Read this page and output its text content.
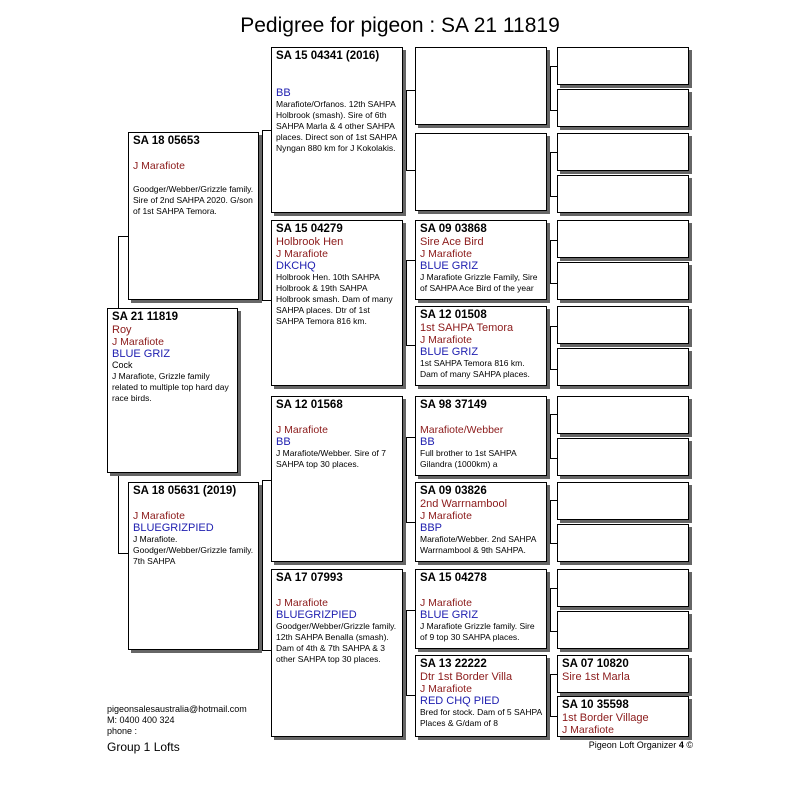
Pedigree for pigeon : SA 21 11819
SA 21 11819
Roy
J Marafiote
BLUE GRIZ
Cock
J Marafiote, Grizzle family related to multiple top hard day race birds.
SA 18 05653
J Marafiote
Goodger/Webber/Grizzle family. Sire of 2nd SAHPA 2020. G/son of 1st SAHPA Temora.
SA 18 05631 (2019)
J Marafiote
BLUEGRIZPIED
J Marafiote. Goodger/Webber/Grizzle family. 7th SAHPA
SA 15 04341 (2016)
BB
Marafiote/Orfanos. 12th SAHPA Holbrook (smash). Sire of 6th SAHPA Marla & 4 other SAHPA places. Direct son of 1st SAHPA Nyngan 880 km for J Kokolakis.
SA 15 04279
Holbrook Hen
J Marafiote
DKCHQ
Holbrook Hen. 10th SAHPA Holbrook & 19th SAHPA Holbrook smash. Dam of many SAHPA places. Dtr of 1st SAHPA Temora 816 km.
SA 12 01568
J Marafiote
BB
J Marafiote/Webber. Sire of 7 SAHPA top 30 places.
SA 17 07993
J Marafiote
BLUEGRIZPIED
Goodger/Webber/Grizzle family. 12th SAHPA Benalla (smash). Dam of 4th & 7th SAHPA & 3 other SAHPA top 30 places.
SA 09 03868
Sire Ace Bird
J Marafiote
BLUE GRIZ
J Marafiote Grizzle Family, Sire of SAHPA Ace Bird of the year
SA 12 01508
1st SAHPA Temora
J Marafiote
BLUE GRIZ
1st SAHPA Temora 816 km. Dam of many SAHPA places.
SA 98 37149
Marafiote/Webber
BB
Full brother to 1st SAHPA Gilandra (1000km) a
SA 09 03826
2nd Warrnambool
J Marafiote
BBP
Marafiote/Webber. 2nd SAHPA Warrnambool & 9th SAHPA.
SA 15 04278
J Marafiote
BLUE GRIZ
J Marafiote Grizzle family. Sire of 9 top 30 SAHPA places.
SA 13 22222
Dtr 1st Border Villa
J Marafiote
RED CHQ PIED
Bred for stock. Dam of 5 SAHPA Places & G/dam of 8
SA 07 10820
Sire 1st Marla
SA 10 35598
1st Border Village
J Marafiote
pigeonsalesaustralia@hotmail.com
M: 0400 400 324
phone :
Group 1 Lofts	Pigeon Loft Organizer 4 ©
